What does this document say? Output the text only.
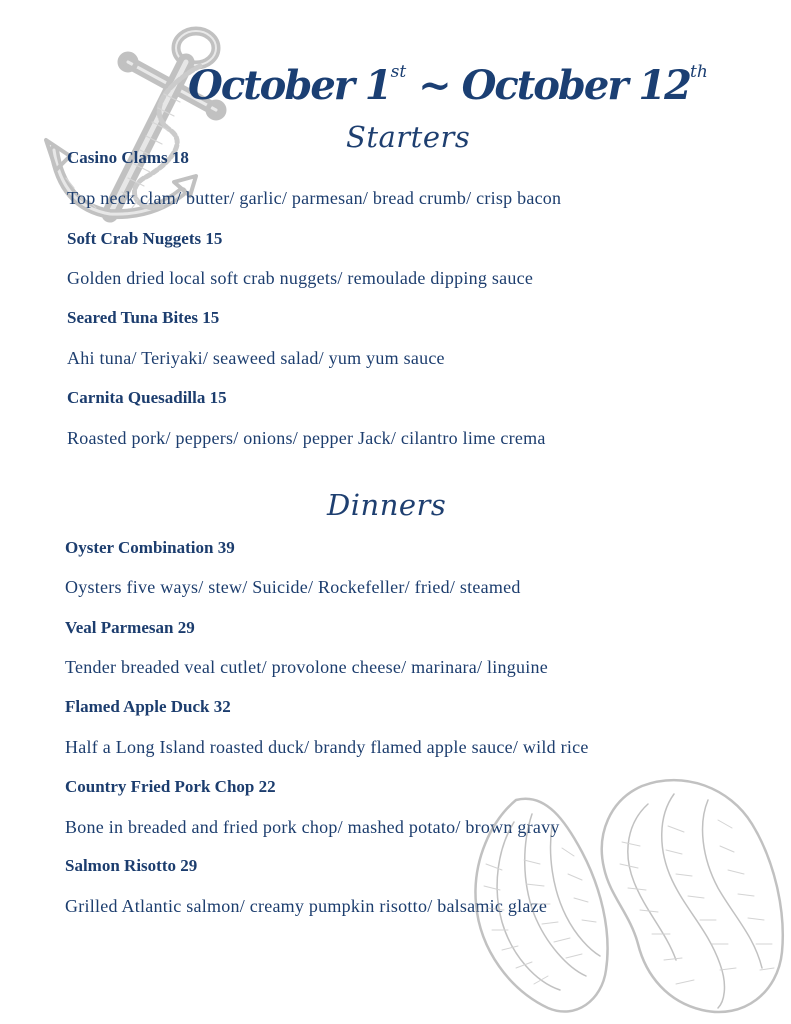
October 1st ~ October 12th
Starters
Casino Clams 18
Top neck clam/ butter/ garlic/ parmesan/ bread crumb/ crisp bacon
Soft Crab Nuggets 15
Golden dried local soft crab nuggets/ remoulade dipping sauce
Seared Tuna Bites 15
Ahi tuna/ Teriyaki/ seaweed salad/ yum yum sauce
Carnita Quesadilla 15
Roasted pork/ peppers/ onions/ pepper Jack/ cilantro lime crema
Dinners
Oyster Combination 39
Oysters five ways/ stew/ Suicide/ Rockefeller/ fried/ steamed
Veal Parmesan 29
Tender breaded veal cutlet/ provolone cheese/ marinara/ linguine
Flamed Apple Duck 32
Half a Long Island roasted duck/ brandy flamed apple sauce/ wild rice
Country Fried Pork Chop 22
Bone in breaded and fried pork chop/ mashed potato/ brown gravy
Salmon Risotto 29
Grilled Atlantic salmon/ creamy pumpkin risotto/ balsamic glaze
